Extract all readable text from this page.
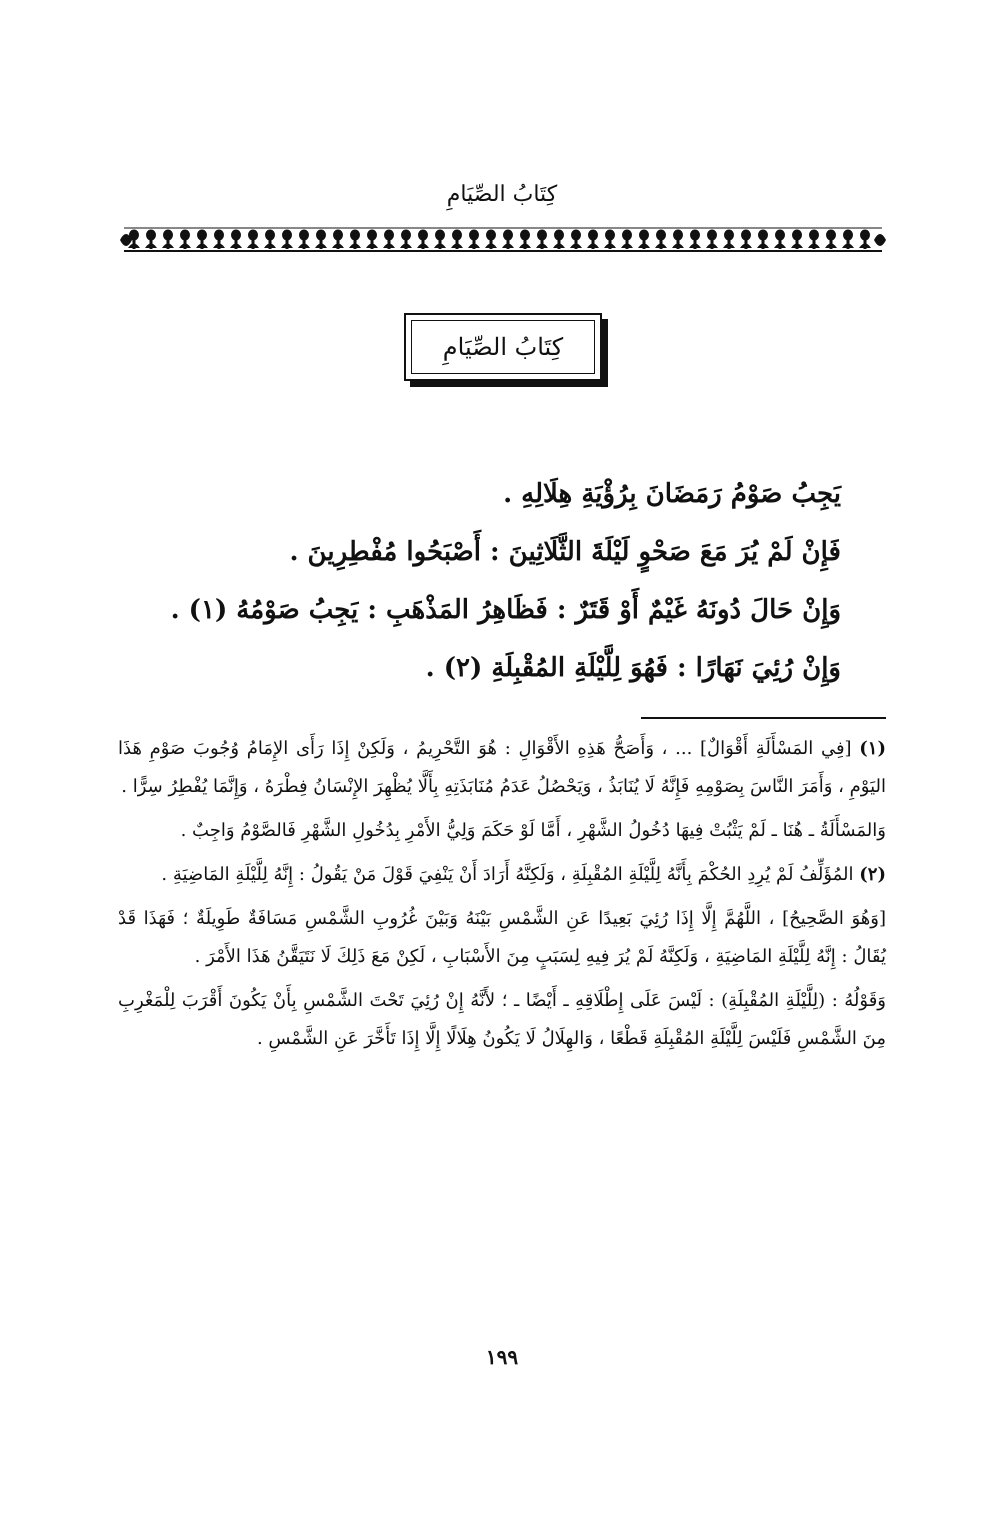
كِتَابُ الصِّيَامِ
كِتَابُ الصِّيَامِ
يَجِبُ صَوْمُ رَمَضَانَ بِرُؤْيَةِ هِلَالِهِ .
فَإِنْ لَمْ يُرَ مَعَ صَحْوٍ لَيْلَةَ الثَّلَاثِينَ : أَصْبَحُوا مُفْطِرِينَ .
وَإِنْ حَالَ دُونَهُ غَيْمٌ أَوْ قَتَرٌ : فَظَاهِرُ المَذْهَبِ : يَجِبُ صَوْمُهُ (١) .
وَإِنْ رُئِيَ نَهَارًا : فَهُوَ لِلَّيْلَةِ المُقْبِلَةِ (٢) .

(١) [فِي المَسْأَلَةِ أَقْوَالٌ] ... ، وَأَصَحُّ هَذِهِ الأَقْوَالِ : هُوَ التَّحْرِيمُ ، وَلَكِنْ إِذَا رَأَى الإِمَامُ وُجُوبَ صَوْمِ هَذَا اليَوْمِ ، وَأَمَرَ النَّاسَ بِصَوْمِهِ فَإِنَّهُ لَا يُنَابَذُ ، وَيَحْصُلُ عَدَمُ مُنَابَذَتِهِ بِأَلَّا يُظْهِرَ الإِنْسَانُ فِطْرَهُ ، وَإِنَّمَا يُفْطِرُ سِرًّا .

وَالمَسْأَلَةُ ـ هُنَا ـ لَمْ يَثْبُتْ فِيهَا دُخُولُ الشَّهْرِ ، أَمَّا لَوْ حَكَمَ وَلِيُّ الأَمْرِ بِدُخُولِ الشَّهْرِ فَالصَّوْمُ وَاجِبٌ .

(٢) المُؤَلِّفُ لَمْ يُرِدِ الحُكْمَ بِأَنَّهُ لِلَّيْلَةِ المُقْبِلَةِ ، وَلَكِنَّهُ أَرَادَ أَنْ يَنْفِيَ قَوْلَ مَنْ يَقُولُ : إِنَّهُ لِلَّيْلَةِ المَاضِيَةِ .

[وَهُوَ الصَّحِيحُ] ، اللَّهُمَّ إِلَّا إِذَا رُئِيَ بَعِيدًا عَنِ الشَّمْسِ بَيْنَهُ وَبَيْنَ غُرُوبِ الشَّمْسِ مَسَافَةٌ طَوِيلَةٌ ؛ فَهَذَا قَدْ يُقَالُ : إِنَّهُ لِلَّيْلَةِ المَاضِيَةِ ، وَلَكِنَّهُ لَمْ يُرَ فِيهِ لِسَبَبٍ مِنَ الأَسْبَابِ ، لَكِنْ مَعَ ذَلِكَ لَا نَتَيَقَّنُ هَذَا الأَمْرَ .

وَقَوْلُهُ : (لِلَّيْلَةِ المُقْبِلَةِ) : لَيْسَ عَلَى إِطْلَاقِهِ ـ أَيْضًا ـ ؛ لأَنَّهُ إِنْ رُئِيَ تَحْتَ الشَّمْسِ بِأَنْ يَكُونَ أَقْرَبَ لِلْمَغْرِبِ مِنَ الشَّمْسِ فَلَيْسَ لِلَّيْلَةِ المُقْبِلَةِ قَطْعًا ، وَالهِلَالُ لَا يَكُونُ هِلَالًا إِلَّا إِذَا تَأَخَّرَ عَنِ الشَّمْسِ .

١٩٩
